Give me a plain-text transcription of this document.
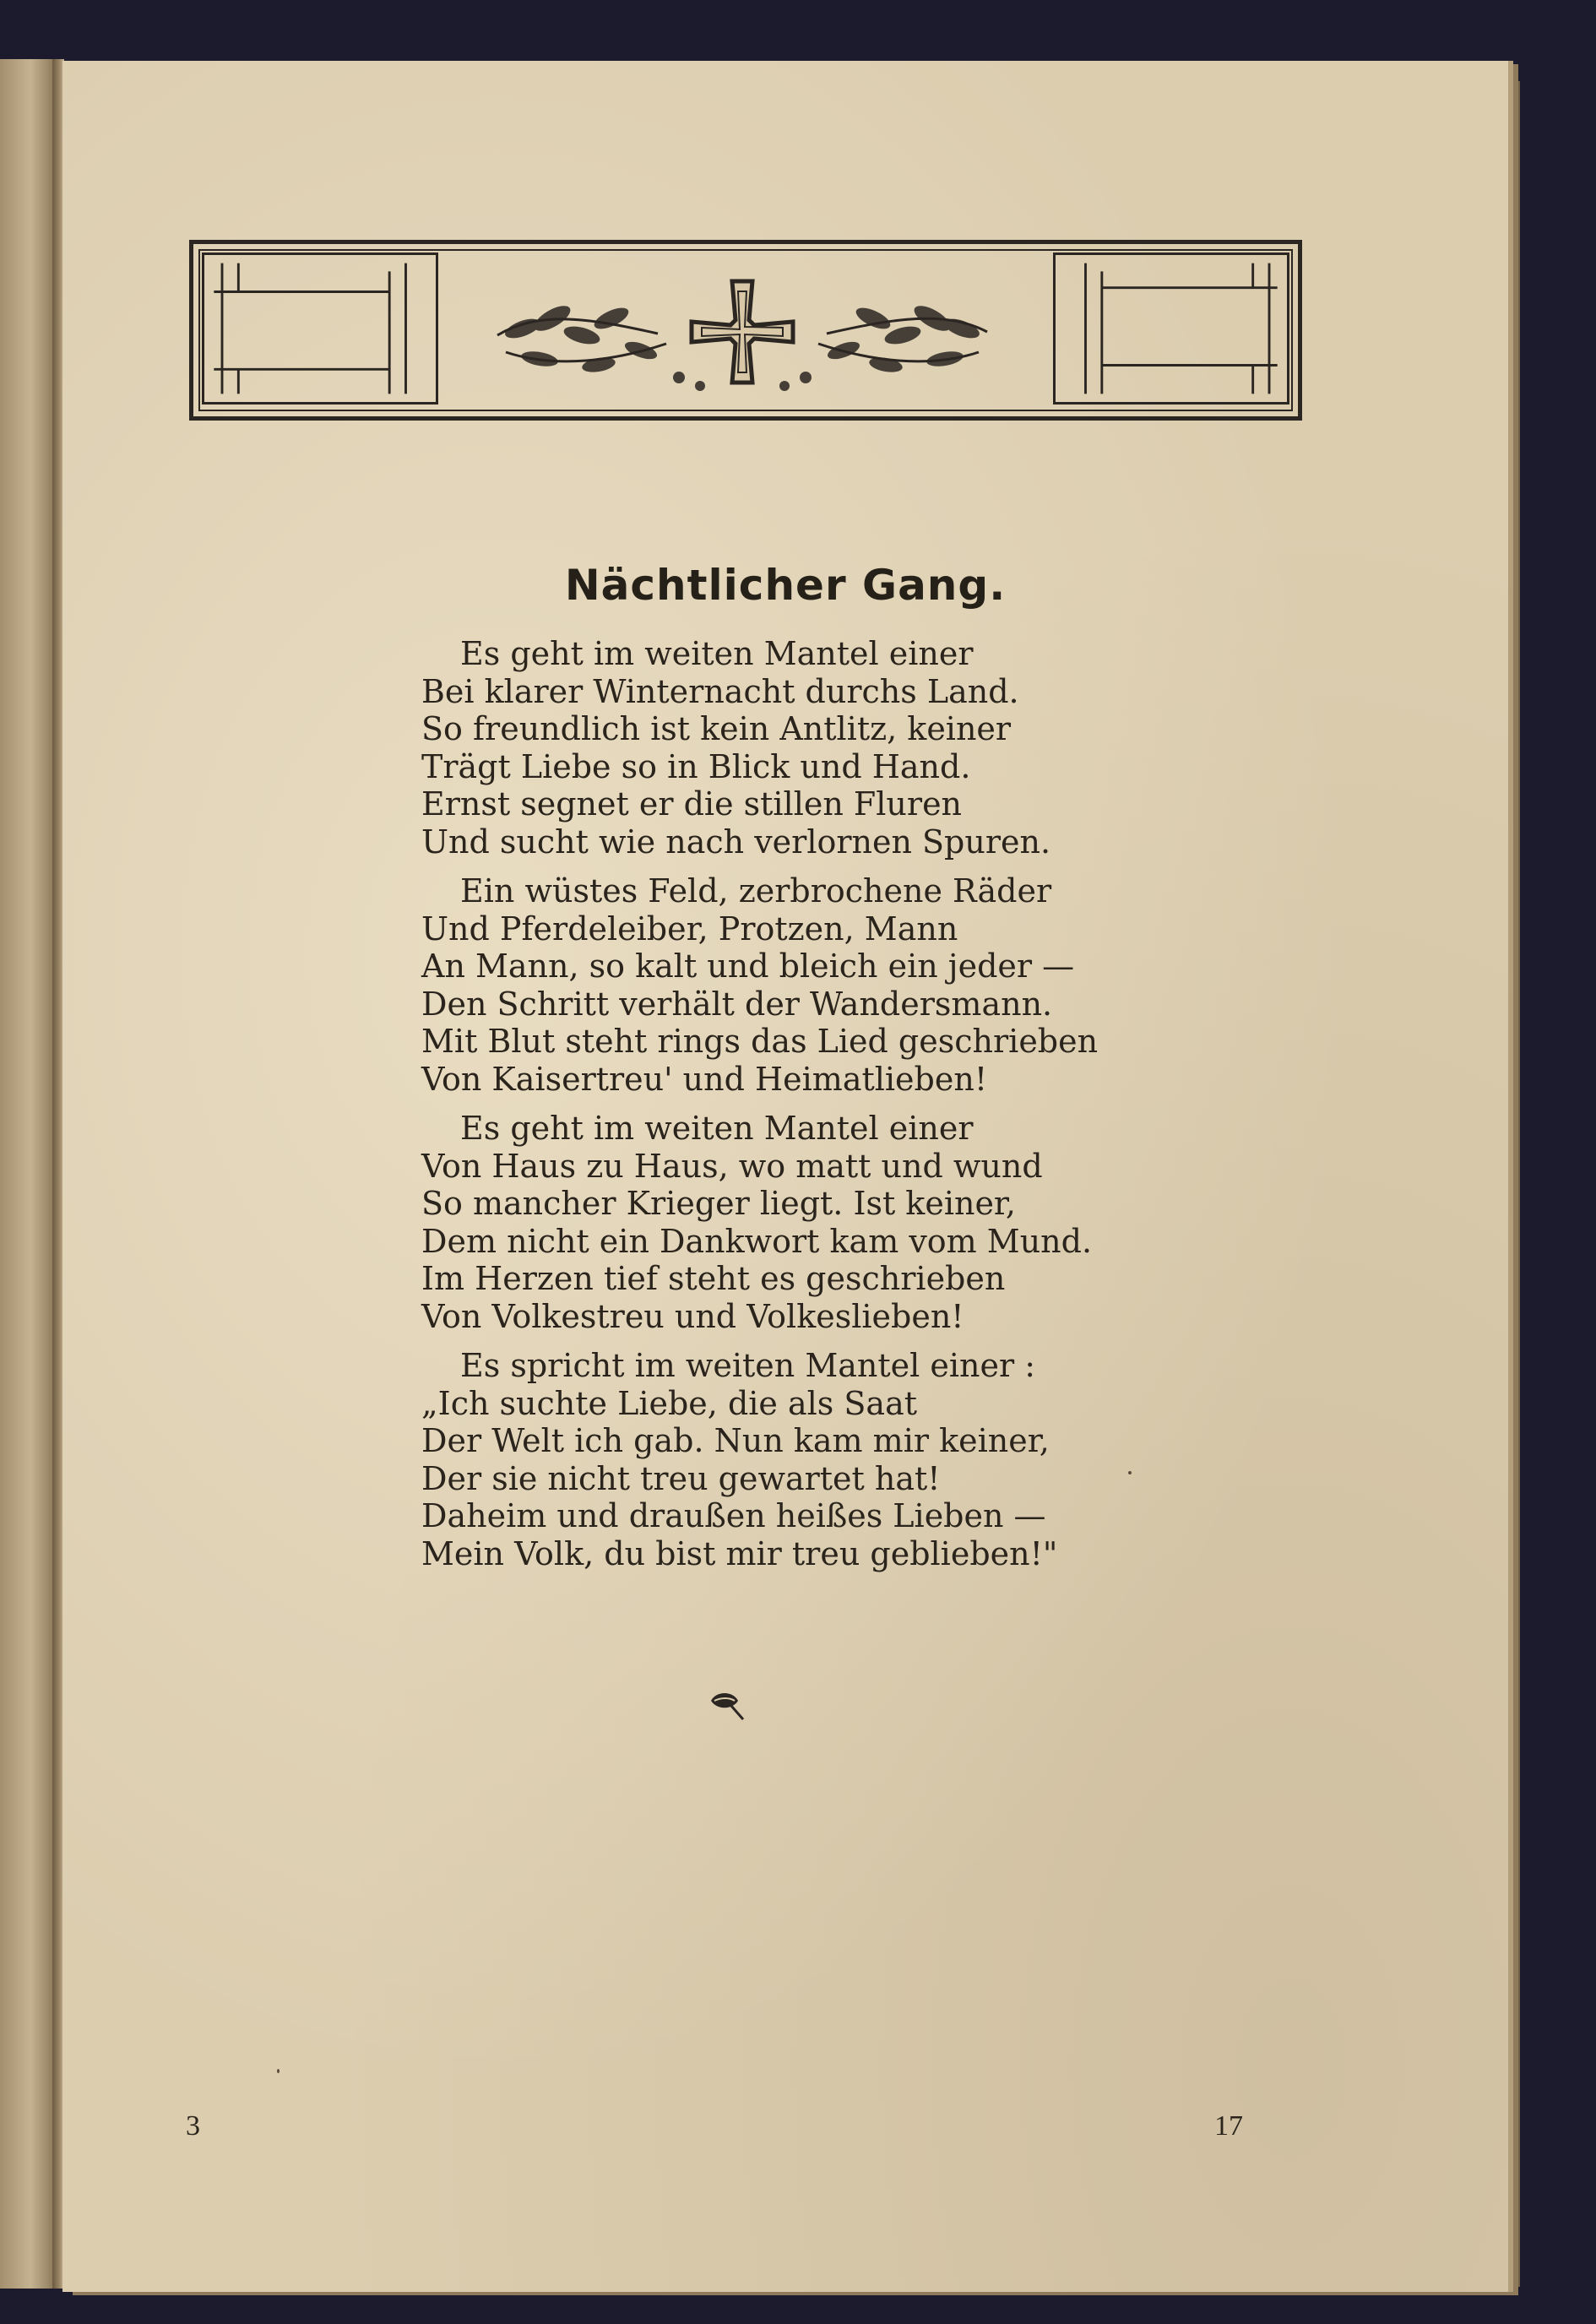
Nächtlicher Gang.
Es geht im weiten Mantel einer
Bei klarer Winternacht durchs Land.
So freundlich ist kein Antlitz, keiner
Trägt Liebe so in Blick und Hand.
Ernst segnet er die stillen Fluren
Und sucht wie nach verlornen Spuren.
Ein wüstes Feld, zerbrochene Räder
Und Pferdeleiber, Protzen, Mann
An Mann, so kalt und bleich ein jeder —
Den Schritt verhält der Wandersmann.
Mit Blut steht rings das Lied geschrieben
Von Kaisertreu' und Heimatlieben!
Es geht im weiten Mantel einer
Von Haus zu Haus, wo matt und wund
So mancher Krieger liegt. Ist keiner,
Dem nicht ein Dankwort kam vom Mund.
Im Herzen tief steht es geschrieben
Von Volkestreu und Volkeslieben!
Es spricht im weiten Mantel einer :
„Ich suchte Liebe, die als Saat
Der Welt ich gab. Nun kam mir keiner,
Der sie nicht treu gewartet hat!
Daheim und draußen heißes Lieben —
Mein Volk, du bist mir treu geblieben!"
3	17
